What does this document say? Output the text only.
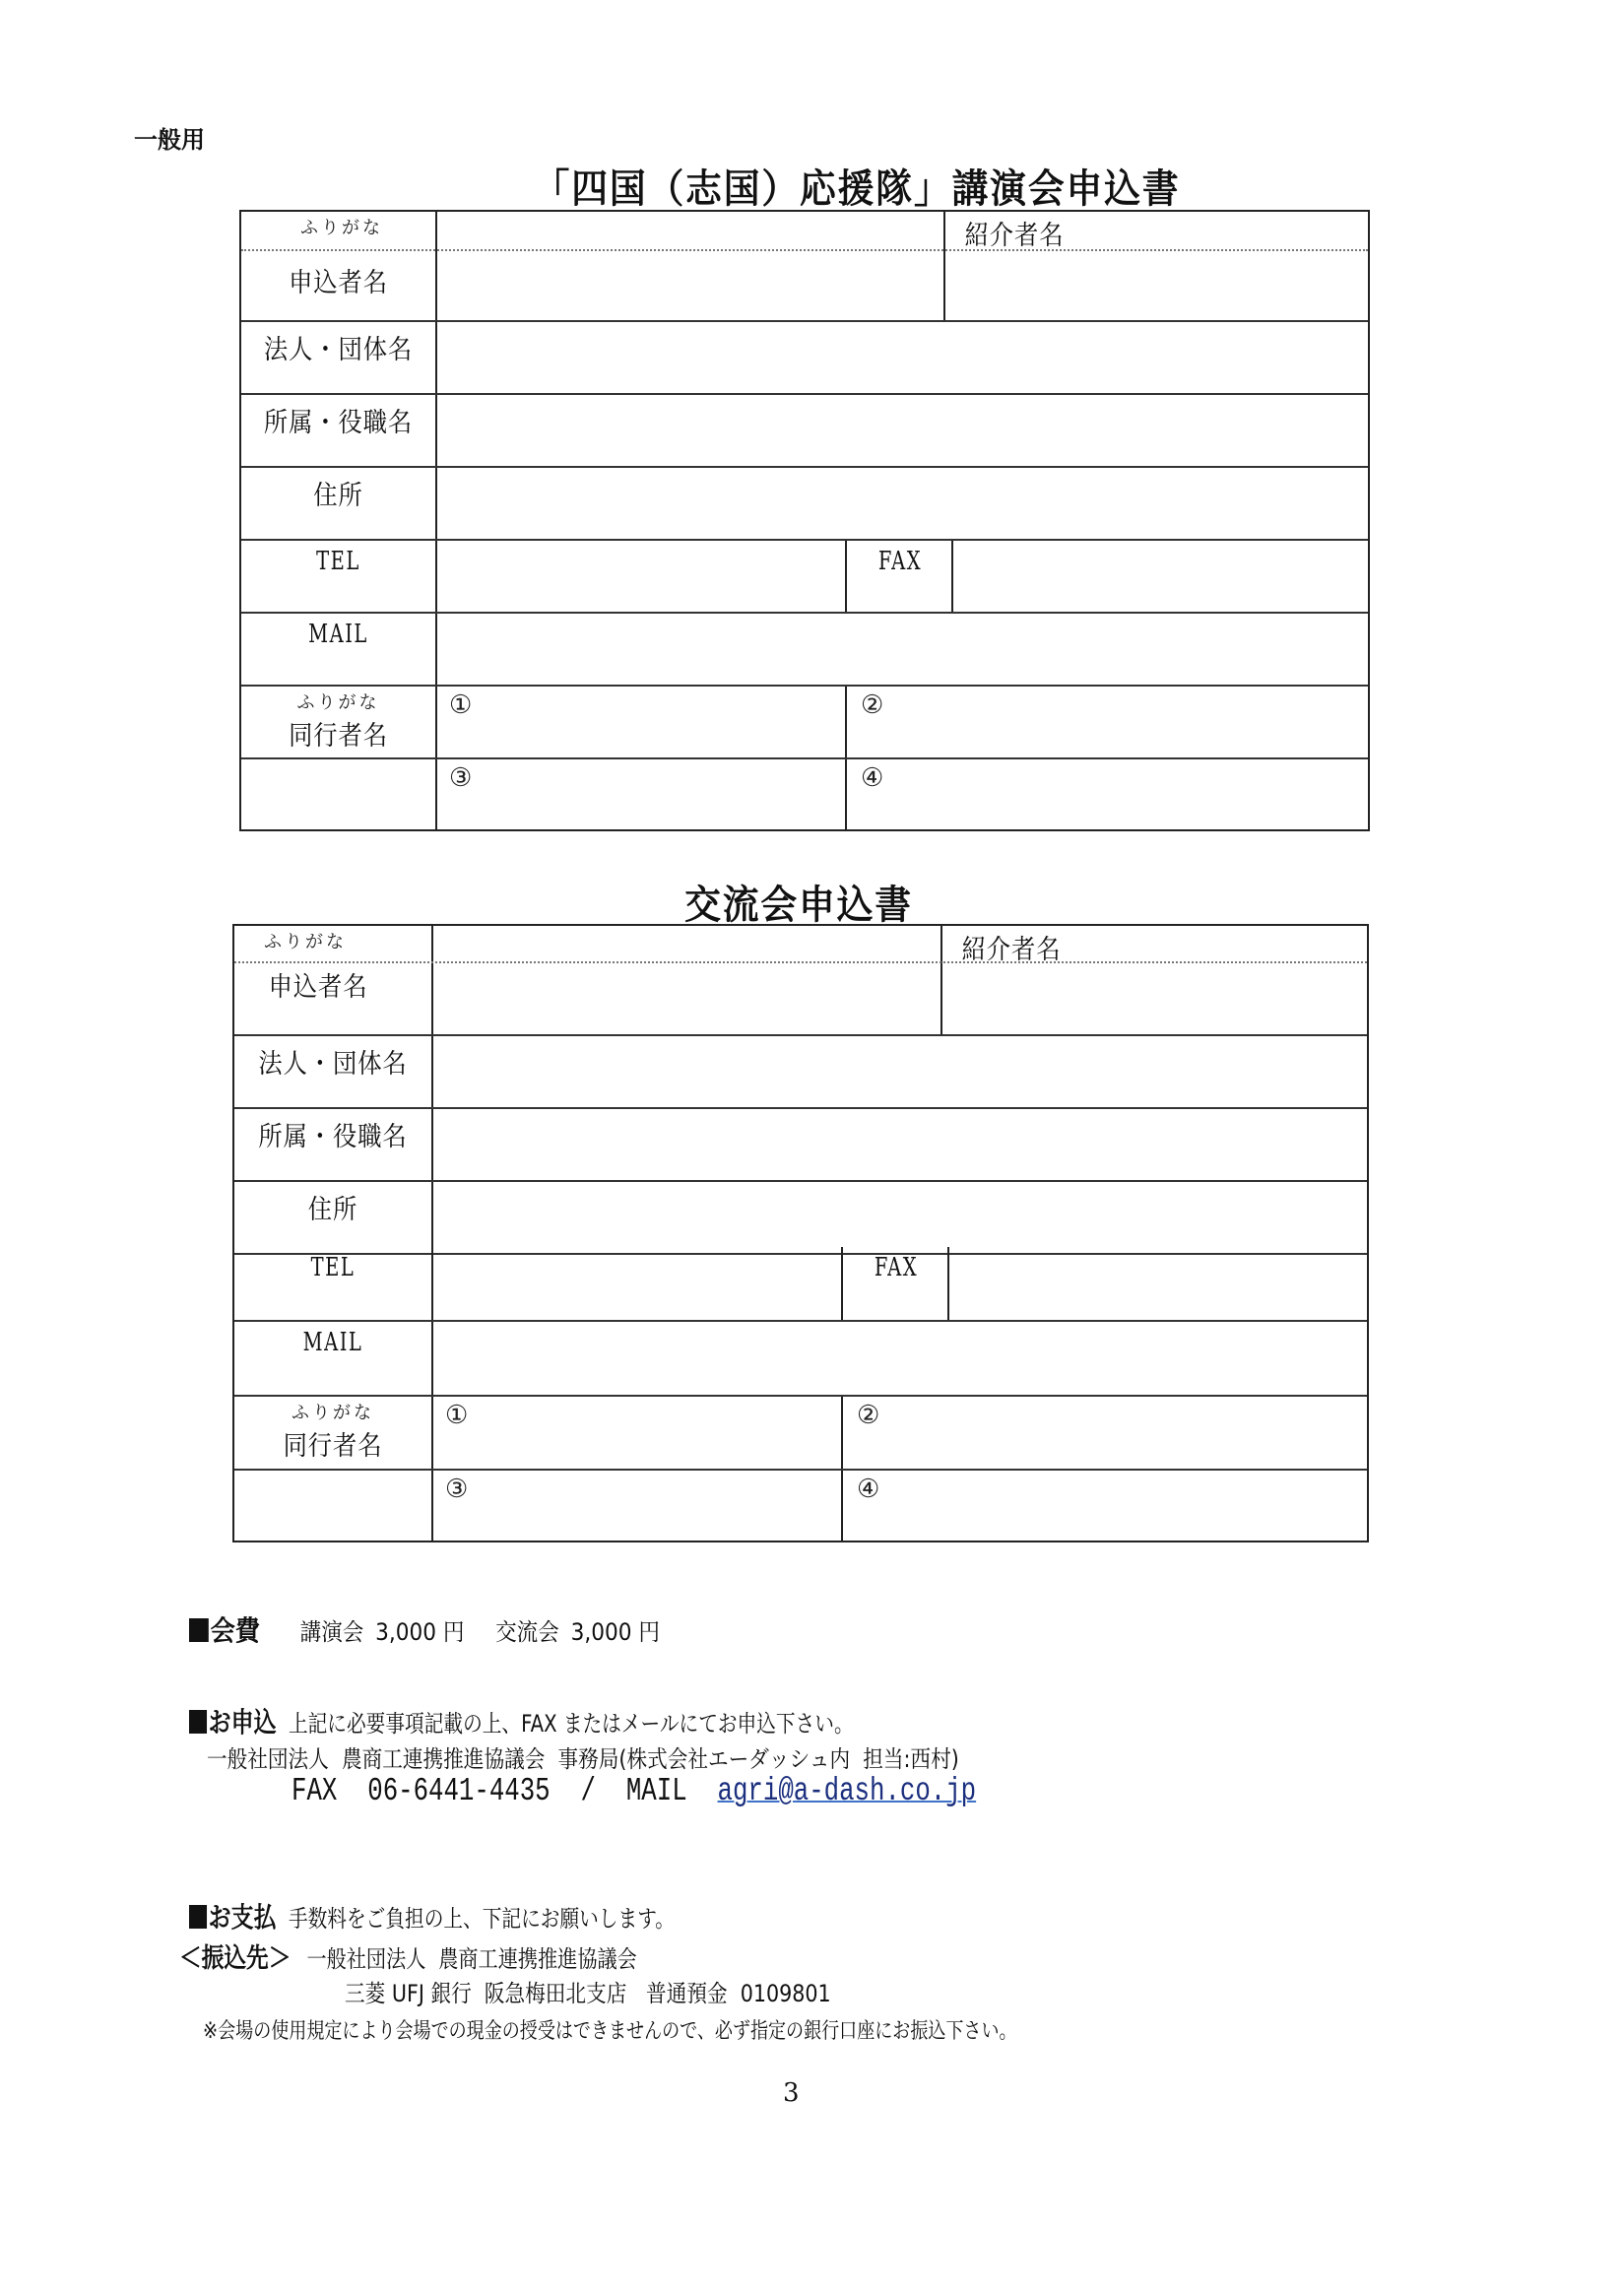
一般用
「四国（志国）応援隊」講演会申込書
ふりがな
申込者名
紹介者名
法人・団体名
所属・役職名
住所
TEL	FAX
MAIL
ふりがな
同行者名
①	②
③	④
交流会申込書
ふりがな
申込者名
紹介者名
法人・団体名
所属・役職名
住所
TEL	FAX
MAIL
ふりがな
同行者名
①	②
③	④
会費 講演会 3,000 円 交流会 3,000 円
お申込 上記に必要事項記載の上、FAX またはメールにてお申込下さい。
一般社団法人  農商工連携推進協議会  事務局(株式会社エーダッシュ内  担当:西村)
FAX 06-6441-4435 / MAIL agri@a-dash.co.jp
お支払 手数料をご負担の上、下記にお願いします。
＜振込先＞ 一般社団法人  農商工連携推進協議会
三菱 UFJ 銀行  阪急梅田北支店   普通預金  0109801
※会場の使用規定により会場での現金の授受はできませんので、必ず指定の銀行口座にお振込下さい。
3
